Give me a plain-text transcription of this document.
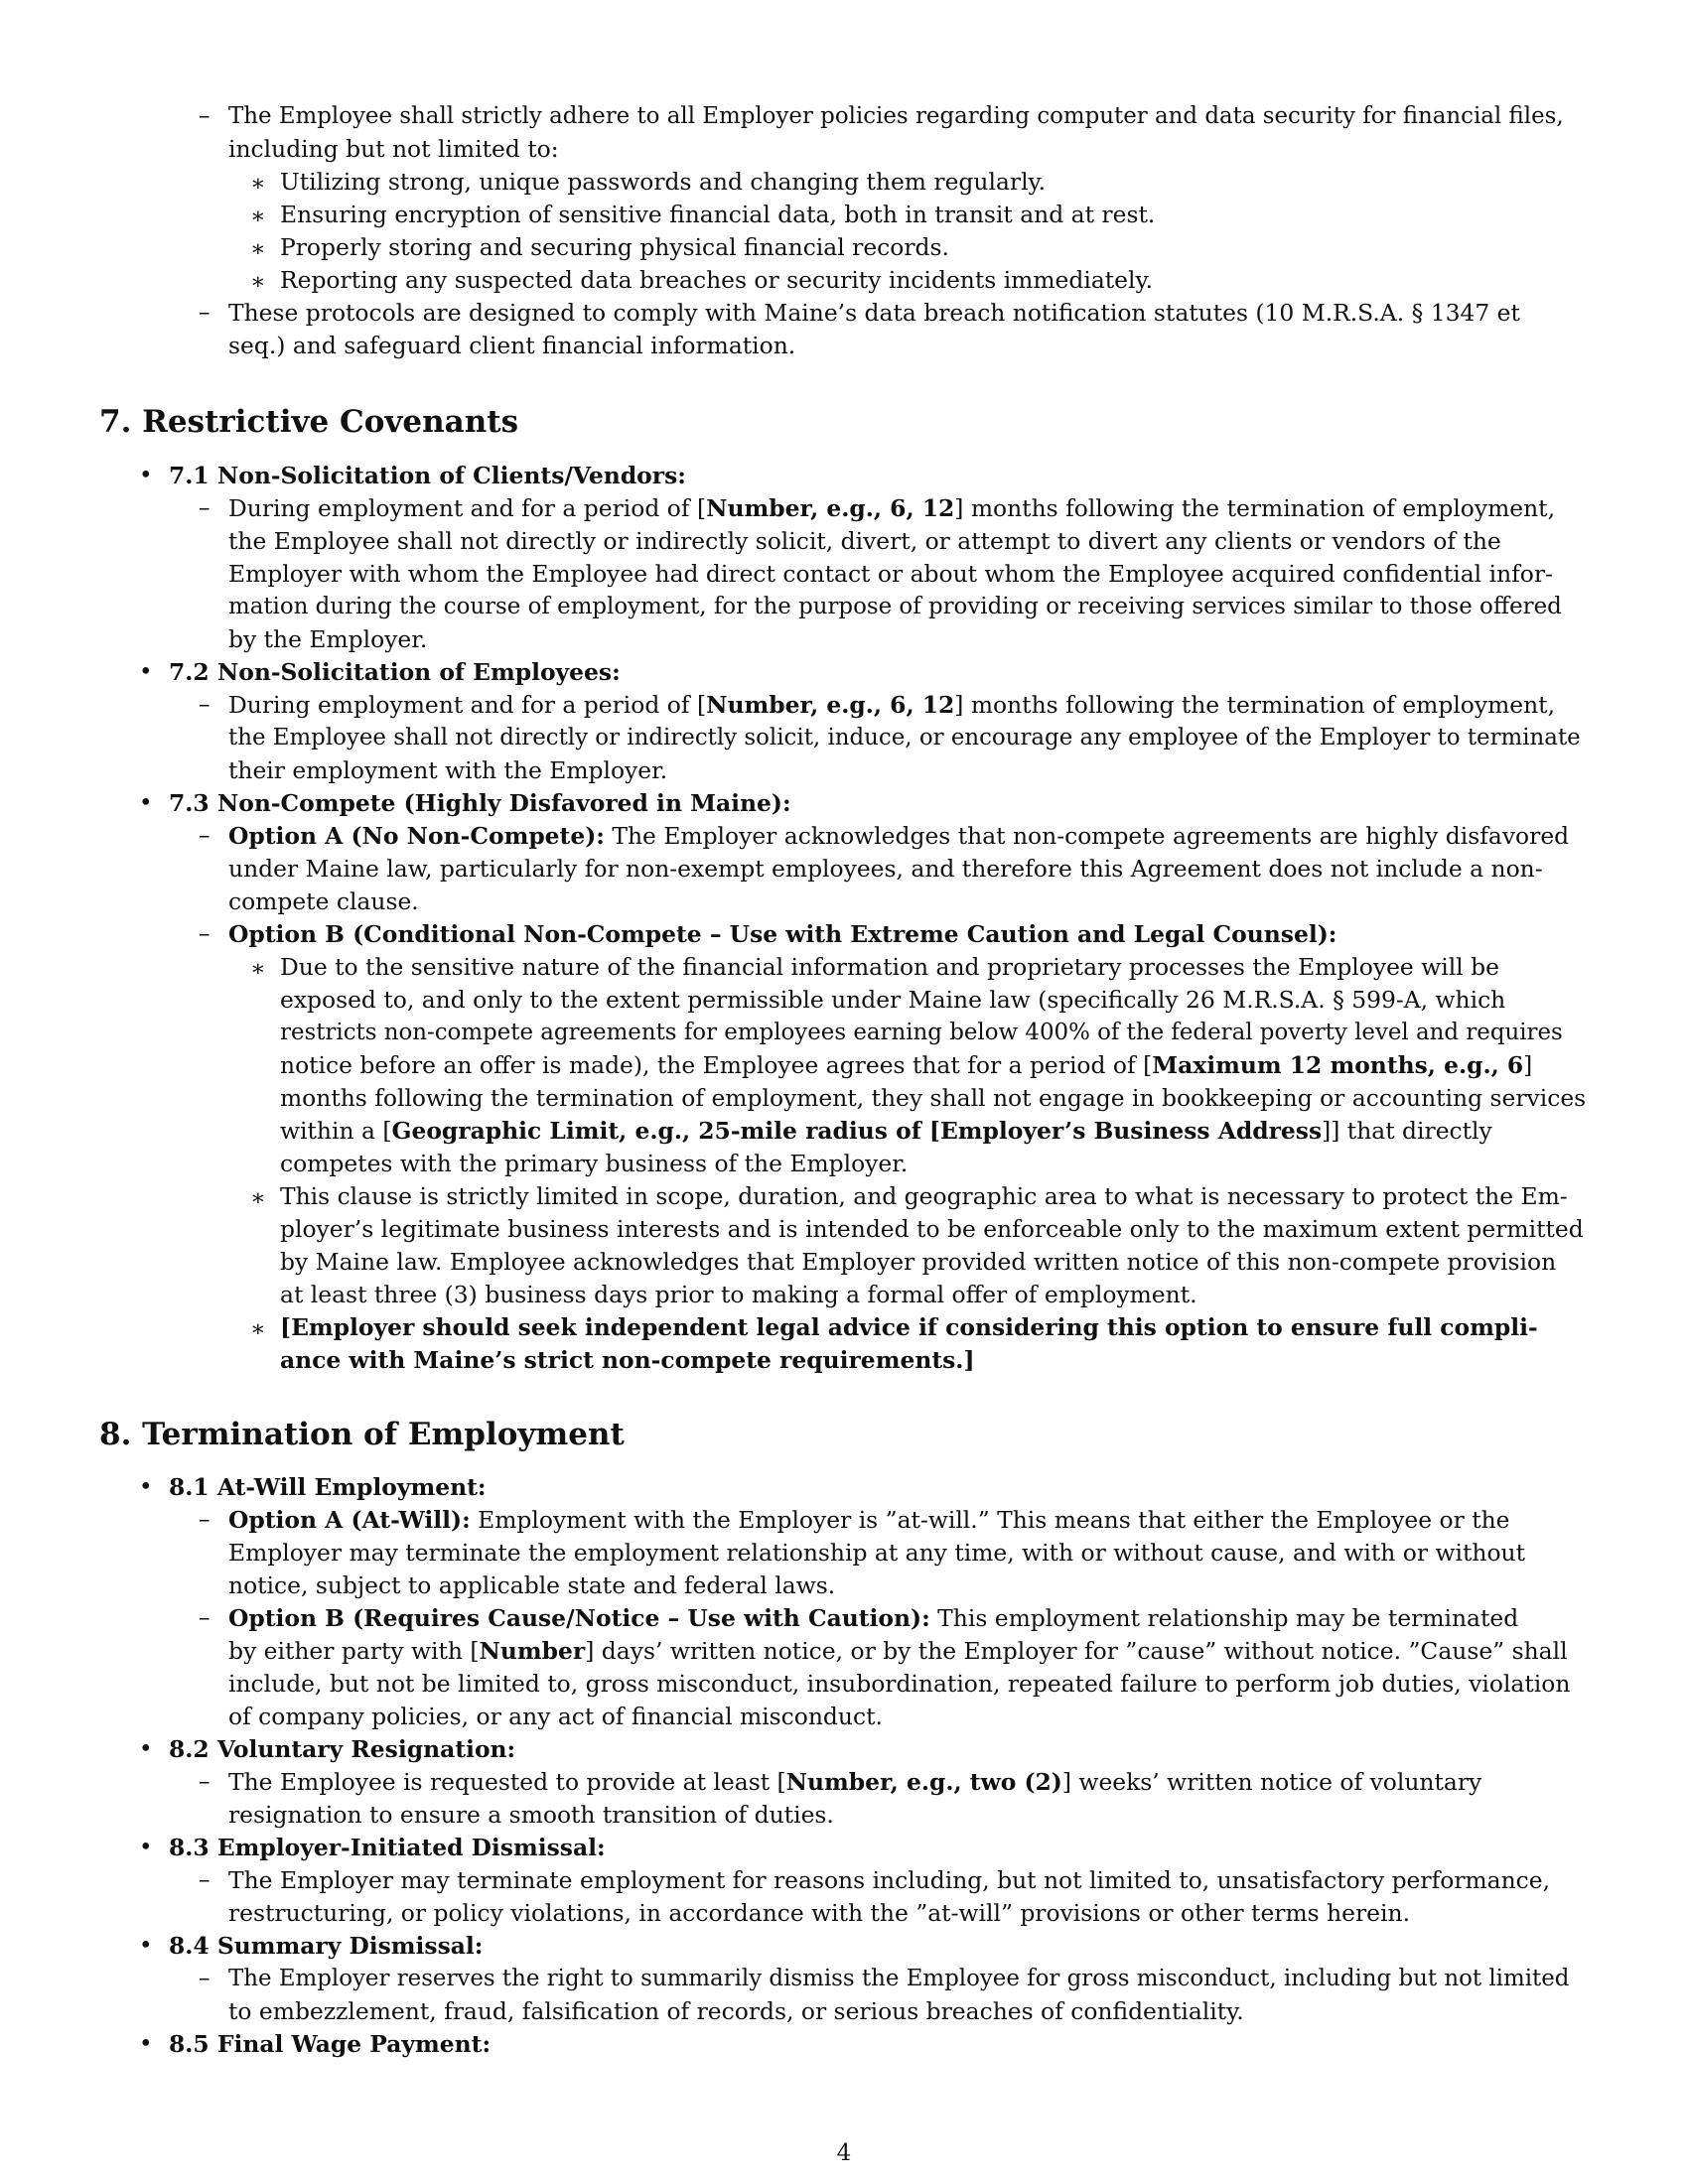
– The Employee shall strictly adhere to all Employer policies regarding computer and data security for financial files,
including but not limited to:
∗ Utilizing strong, unique passwords and changing them regularly.
∗ Ensuring encryption of sensitive financial data, both in transit and at rest.
∗ Properly storing and securing physical financial records.
∗ Reporting any suspected data breaches or security incidents immediately.
– These protocols are designed to comply with Maine’s data breach notification statutes (10 M.R.S.A. § 1347 et
seq.) and safeguard client financial information.
7. Restrictive Covenants
• 7.1 Non-Solicitation of Clients/Vendors:
– During employment and for a period of [Number, e.g., 6, 12] months following the termination of employment,
the Employee shall not directly or indirectly solicit, divert, or attempt to divert any clients or vendors of the
Employer with whom the Employee had direct contact or about whom the Employee acquired confidential infor-
mation during the course of employment, for the purpose of providing or receiving services similar to those offered
by the Employer.
• 7.2 Non-Solicitation of Employees:
– During employment and for a period of [Number, e.g., 6, 12] months following the termination of employment,
the Employee shall not directly or indirectly solicit, induce, or encourage any employee of the Employer to terminate
their employment with the Employer.
• 7.3 Non-Compete (Highly Disfavored in Maine):
– Option A (No Non-Compete): The Employer acknowledges that non-compete agreements are highly disfavored
under Maine law, particularly for non-exempt employees, and therefore this Agreement does not include a non-
compete clause.
– Option B (Conditional Non-Compete – Use with Extreme Caution and Legal Counsel):
∗ Due to the sensitive nature of the financial information and proprietary processes the Employee will be
exposed to, and only to the extent permissible under Maine law (specifically 26 M.R.S.A. § 599-A, which
restricts non-compete agreements for employees earning below 400% of the federal poverty level and requires
notice before an offer is made), the Employee agrees that for a period of [Maximum 12 months, e.g., 6]
months following the termination of employment, they shall not engage in bookkeeping or accounting services
within a [Geographic Limit, e.g., 25-mile radius of [Employer’s Business Address]] that directly
competes with the primary business of the Employer.
∗ This clause is strictly limited in scope, duration, and geographic area to what is necessary to protect the Em-
ployer’s legitimate business interests and is intended to be enforceable only to the maximum extent permitted
by Maine law. Employee acknowledges that Employer provided written notice of this non-compete provision
at least three (3) business days prior to making a formal offer of employment.
∗ [Employer should seek independent legal advice if considering this option to ensure full compli-
ance with Maine’s strict non-compete requirements.]
8. Termination of Employment
• 8.1 At-Will Employment:
– Option A (At-Will): Employment with the Employer is ”at-will.” This means that either the Employee or the
Employer may terminate the employment relationship at any time, with or without cause, and with or without
notice, subject to applicable state and federal laws.
– Option B (Requires Cause/Notice – Use with Caution): This employment relationship may be terminated
by either party with [Number] days’ written notice, or by the Employer for ”cause” without notice. ”Cause” shall
include, but not be limited to, gross misconduct, insubordination, repeated failure to perform job duties, violation
of company policies, or any act of financial misconduct.
• 8.2 Voluntary Resignation:
– The Employee is requested to provide at least [Number, e.g., two (2)] weeks’ written notice of voluntary
resignation to ensure a smooth transition of duties.
• 8.3 Employer-Initiated Dismissal:
– The Employer may terminate employment for reasons including, but not limited to, unsatisfactory performance,
restructuring, or policy violations, in accordance with the ”at-will” provisions or other terms herein.
• 8.4 Summary Dismissal:
– The Employer reserves the right to summarily dismiss the Employee for gross misconduct, including but not limited
to embezzlement, fraud, falsification of records, or serious breaches of confidentiality.
• 8.5 Final Wage Payment:
4
